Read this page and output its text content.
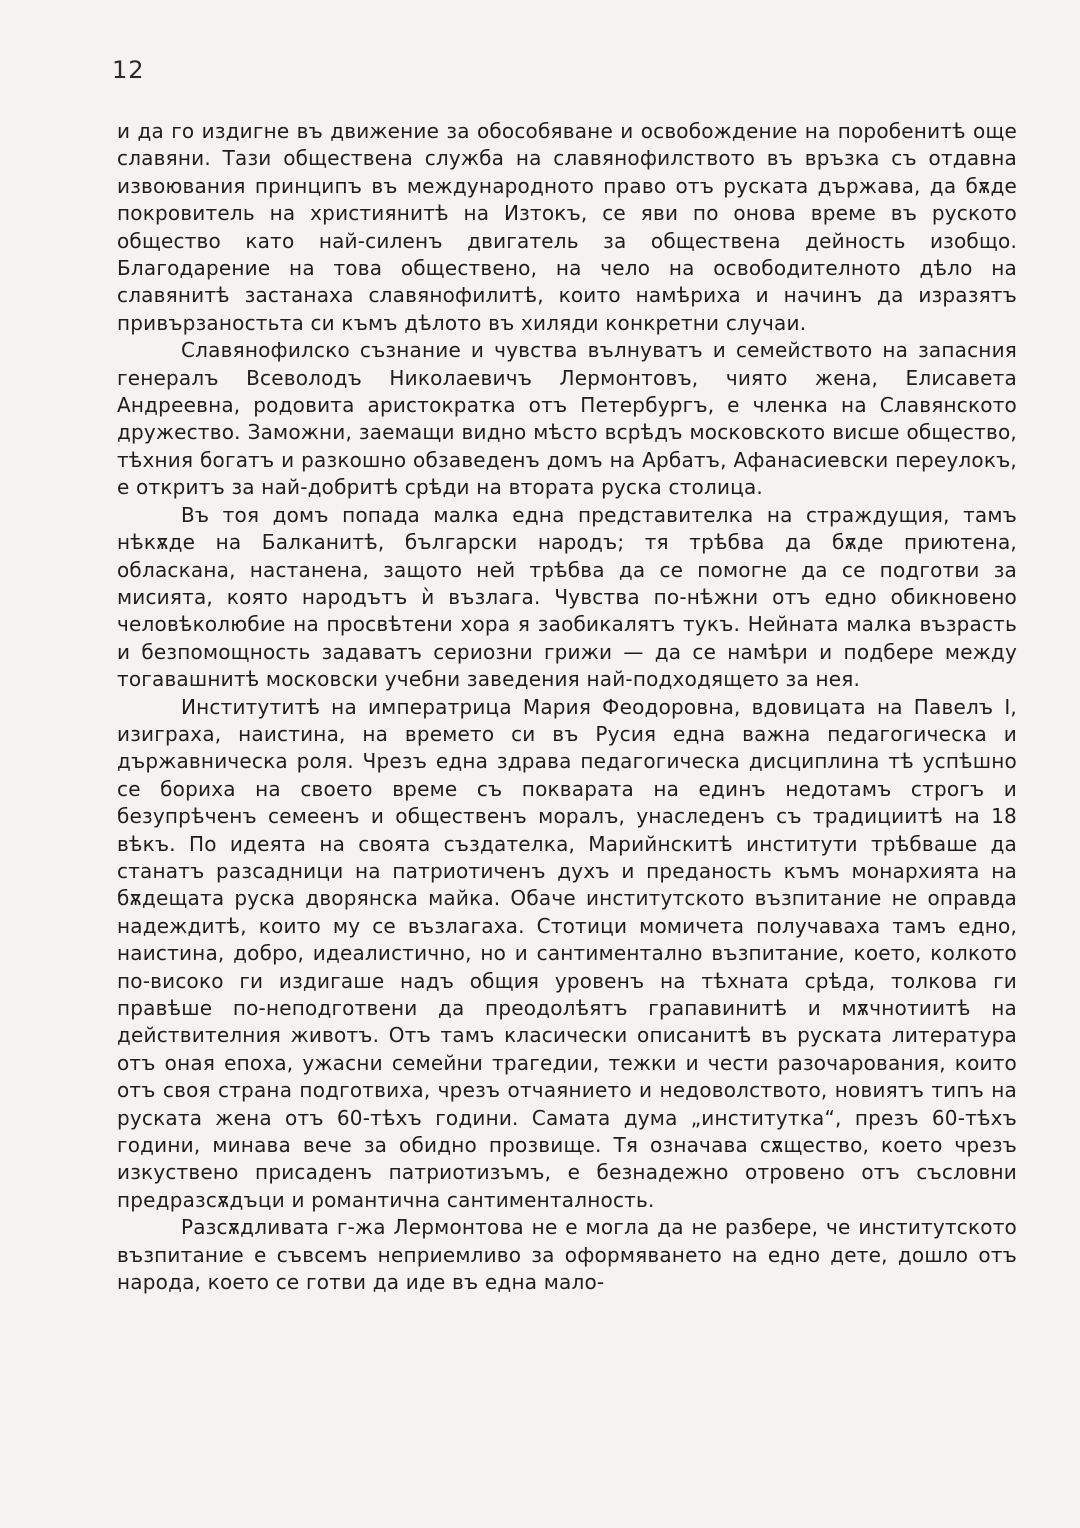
12

и да го издигне въ движение за обособяване и освобождение на поробенитѣ още славяни. Тази обществена служба на славянофилството въ връзка съ отдавна извоювания принципъ въ международното право отъ руската държава, да бѫде покровитель на християнитѣ на Изтокъ, се яви по онова време въ руското общество като най-силенъ двигатель за обществена дейность изобщо. Благодарение на това обществено, на чело на освободителното дѣло на славянитѣ застанаха славянофилитѣ, които намѣриха и начинъ да изразятъ привързаностьта си къмъ дѣлото въ хиляди конкретни случаи.

Славянофилско съзнание и чувства вълнуватъ и семейството на запасния генералъ Всеволодъ Николаевичъ Лермонтовъ, чиято жена, Елисавета Андреевна, родовита аристократка отъ Петербургъ, е членка на Славянското дружество. Заможни, заемащи видно мѣсто всрѣдъ московското висше общество, тѣхния богатъ и разкошно обзаведенъ домъ на Арбатъ, Афанасиевски переулокъ, е откритъ за най-добритѣ срѣди на втората руска столица.

Въ тоя домъ попада малка една представителка на страждущия, тамъ нѣкѫде на Балканитѣ, български народъ; тя трѣбва да бѫде приютена, обласкана, настанена, защото ней трѣбва да се помогне да се подготви за мисията, която народътъ ѝ възлага. Чувства по-нѣжни отъ едно обикновено человѣколюбие на просвѣтени хора я заобикалятъ тукъ. Нейната малка възрасть и безпомощность задаватъ сериозни грижи — да се намѣри и подбере между тогавашнитѣ московски учебни заведения най-подходящето за нея.

Институтитѣ на императрица Мария Феодоровна, вдовицата на Павелъ I, изиграха, наистина, на времето си въ Русия една важна педагогическа и държавническа роля. Чрезъ една здрава педагогическа дисциплина тѣ успѣшно се бориха на своето време съ покварата на единъ недотамъ строгъ и безупрѣченъ семеенъ и общественъ моралъ, унаследенъ съ традициитѣ на 18 вѣкъ. По идеята на своята създателка, Марийнскитѣ институти трѣбваше да станатъ разсадници на патриотиченъ духъ и преданость къмъ монархията на бѫдещата руска дворянска майка. Обаче институтското възпитание не оправда надеждитѣ, които му се възлагаха. Стотици момичета получаваха тамъ едно, наистина, добро, идеалистично, но и сантиментално възпитание, което, колкото по-високо ги издигаше надъ общия уровенъ на тѣхната срѣда, толкова ги правѣше по-неподготвени да преодолѣятъ грапавинитѣ и мѫчнотиитѣ на действителния животъ. Отъ тамъ класически описанитѣ въ руската литература отъ оная епоха, ужасни семейни трагедии, тежки и чести разочарования, които отъ своя страна подготвиха, чрезъ отчаянието и недоволството, новиятъ типъ на руската жена отъ 60-тѣхъ години. Самата дума „институтка“, презъ 60-тѣхъ години, минава вече за обидно прозвище. Тя означава сѫщество, което чрезъ изкуствено присаденъ патриотизъмъ, е безнадежно отровено отъ съсловни предразсѫдъци и романтична сантименталность.

Разсѫдливата г-жа Лермонтова не е могла да не разбере, че институтското възпитание е съвсемъ неприемливо за оформяването на едно дете, дошло отъ народа, което се готви да иде въ една мало-
